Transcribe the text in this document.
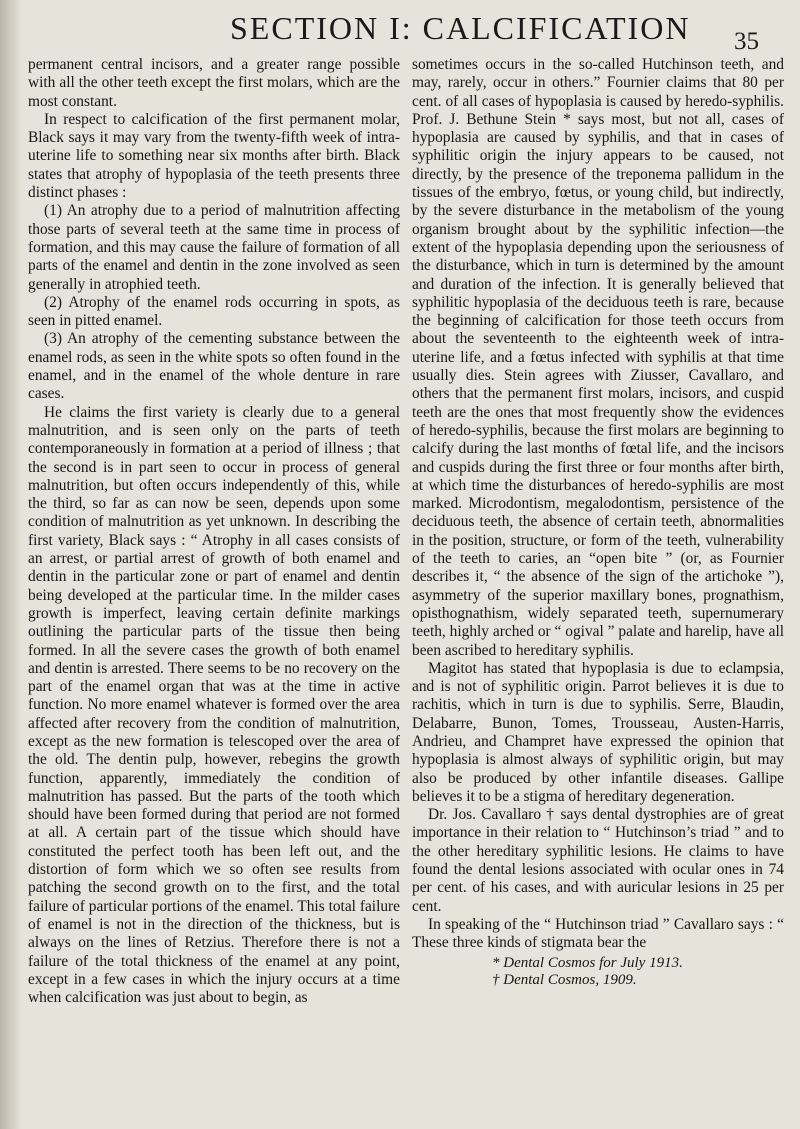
SECTION I: CALCIFICATION 35

permanent central incisors, and a greater range possible with all the other teeth except the first molars, which are the most constant.

In respect to calcification of the first permanent molar, Black says it may vary from the twenty-fifth week of intra-uterine life to something near six months after birth. Black states that atrophy of hypoplasia of the teeth presents three distinct phases :

(1) An atrophy due to a period of malnutrition affecting those parts of several teeth at the same time in process of formation, and this may cause the failure of formation of all parts of the enamel and dentin in the zone involved as seen generally in atrophied teeth.

(2) Atrophy of the enamel rods occurring in spots, as seen in pitted enamel.

(3) An atrophy of the cementing substance between the enamel rods, as seen in the white spots so often found in the enamel, and in the enamel of the whole denture in rare cases.

He claims the first variety is clearly due to a general malnutrition, and is seen only on the parts of teeth contemporaneously in formation at a period of illness ; that the second is in part seen to occur in process of general malnutrition, but often occurs independently of this, while the third, so far as can now be seen, depends upon some condition of malnutrition as yet unknown. In describing the first variety, Black says : “ Atrophy in all cases consists of an arrest, or partial arrest of growth of both enamel and dentin in the particular zone or part of enamel and dentin being developed at the particular time. In the milder cases growth is imperfect, leaving certain definite markings outlining the particular parts of the tissue then being formed. In all the severe cases the growth of both enamel and dentin is arrested. There seems to be no recovery on the part of the enamel organ that was at the time in active function. No more enamel whatever is formed over the area affected after recovery from the condition of malnutrition, except as the new formation is telescoped over the area of the old. The dentin pulp, however, rebegins the growth function, apparently, immediately the condition of malnutrition has passed. But the parts of the tooth which should have been formed during that period are not formed at all. A certain part of the tissue which should have constituted the perfect tooth has been left out, and the distortion of form which we so often see results from patching the second growth on to the first, and the total failure of particular portions of the enamel. This total failure of enamel is not in the direction of the thickness, but is always on the lines of Retzius. Therefore there is not a failure of the total thickness of the enamel at any point, except in a few cases in which the injury occurs at a time when calcification was just about to begin, as

sometimes occurs in the so-called Hutchinson teeth, and may, rarely, occur in others.” Fournier claims that 80 per cent. of all cases of hypoplasia is caused by heredo-syphilis. Prof. J. Bethune Stein * says most, but not all, cases of hypoplasia are caused by syphilis, and that in cases of syphilitic origin the injury appears to be caused, not directly, by the presence of the treponema pallidum in the tissues of the embryo, fœtus, or young child, but indirectly, by the severe disturbance in the metabolism of the young organism brought about by the syphilitic infection—the extent of the hypoplasia depending upon the seriousness of the disturbance, which in turn is determined by the amount and duration of the infection. It is generally believed that syphilitic hypoplasia of the deciduous teeth is rare, because the beginning of calcification for those teeth occurs from about the seventeenth to the eighteenth week of intra-uterine life, and a fœtus infected with syphilis at that time usually dies. Stein agrees with Ziusser, Cavallaro, and others that the permanent first molars, incisors, and cuspid teeth are the ones that most frequently show the evidences of heredo-syphilis, because the first molars are beginning to calcify during the last months of fœtal life, and the incisors and cuspids during the first three or four months after birth, at which time the disturbances of heredo-syphilis are most marked. Microdontism, megalodontism, persistence of the deciduous teeth, the absence of certain teeth, abnormalities in the position, structure, or form of the teeth, vulnerability of the teeth to caries, an “open bite ” (or, as Fournier describes it, “ the absence of the sign of the artichoke ”), asymmetry of the superior maxillary bones, prognathism, opisthognathism, widely separated teeth, supernumerary teeth, highly arched or “ ogival ” palate and harelip, have all been ascribed to hereditary syphilis.

Magitot has stated that hypoplasia is due to eclampsia, and is not of syphilitic origin. Parrot believes it is due to rachitis, which in turn is due to syphilis. Serre, Blaudin, Delabarre, Bunon, Tomes, Trousseau, Austen-Harris, Andrieu, and Champret have expressed the opinion that hypoplasia is almost always of syphilitic origin, but may also be produced by other infantile diseases. Gallipe believes it to be a stigma of hereditary degeneration.

Dr. Jos. Cavallaro † says dental dystrophies are of great importance in their relation to “ Hutchinson’s triad ” and to the other hereditary syphilitic lesions. He claims to have found the dental lesions associated with ocular ones in 74 per cent. of his cases, and with auricular lesions in 25 per cent.

In speaking of the “ Hutchinson triad ” Cavallaro says : “ These three kinds of stigmata bear the

* Dental Cosmos for July 1913.
† Dental Cosmos, 1909.
